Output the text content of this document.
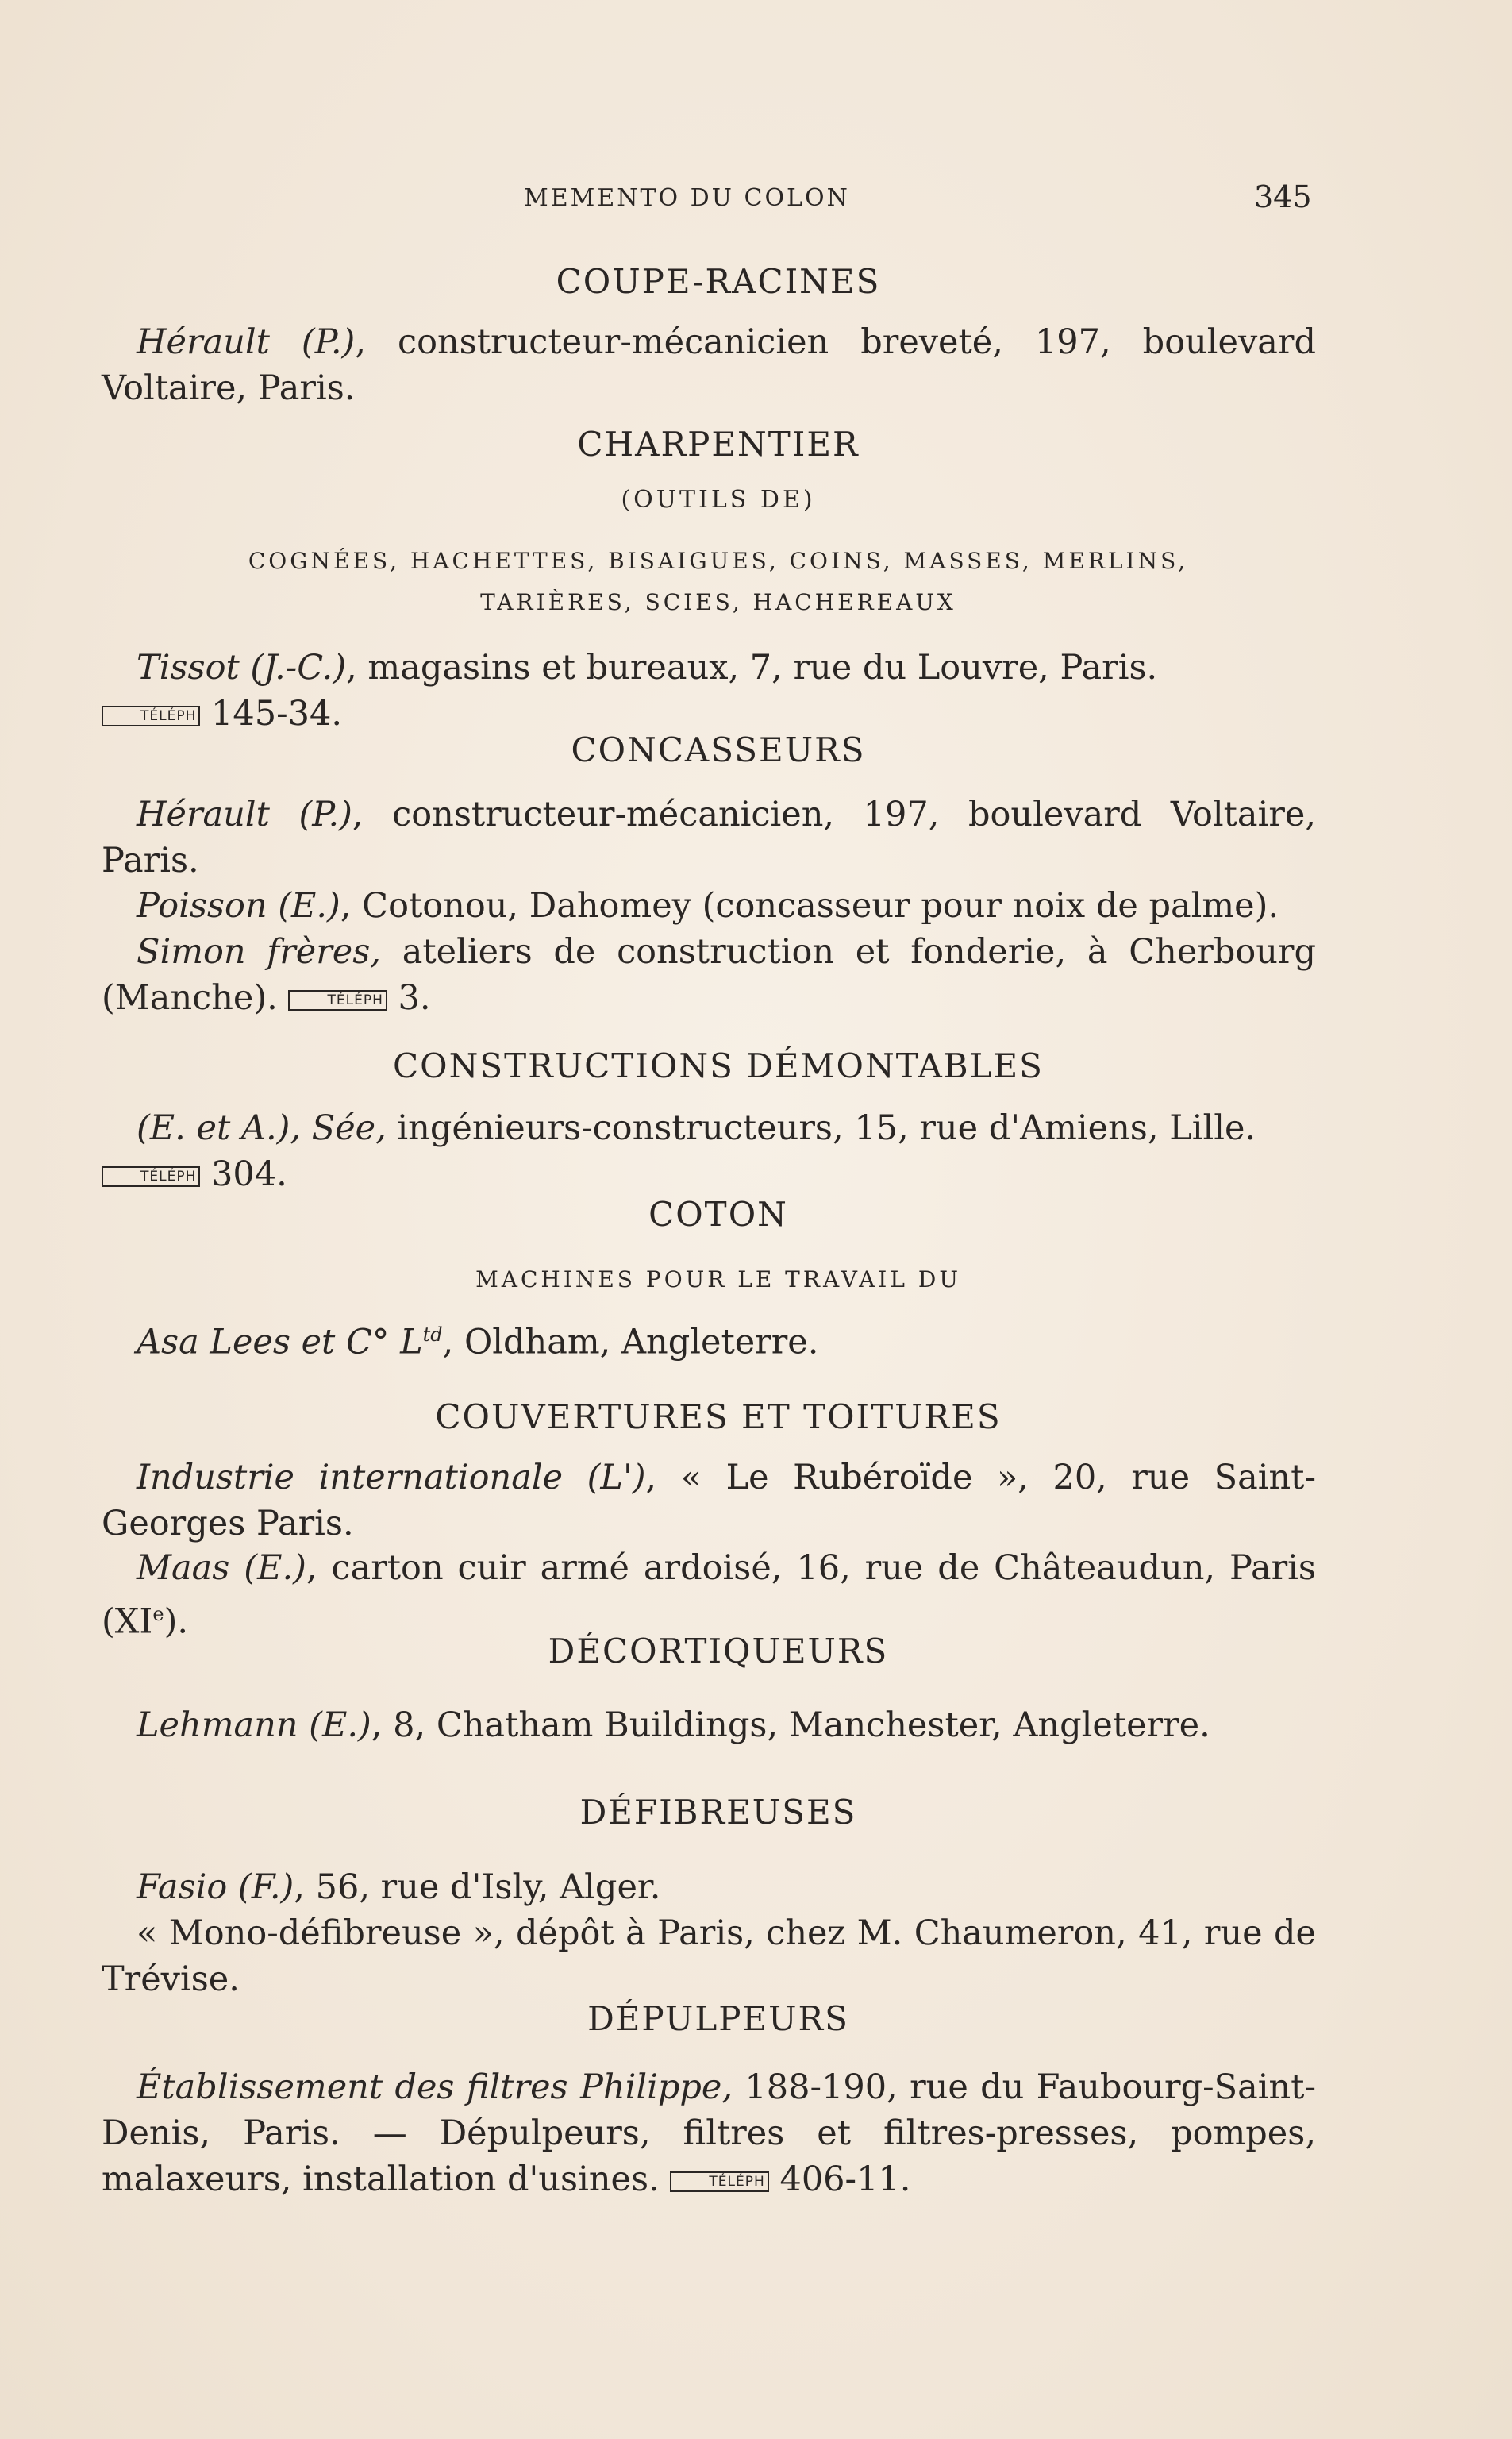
MEMENTO DU COLON	345
COUPE-RACINES
Hérault (P.), constructeur-mécanicien breveté, 197, boulevard Voltaire, Paris.
CHARPENTIER
(OUTILS DE)
COGNÉES, HACHETTES, BISAIGUES, COINS, MASSES, MERLINS,
TARIÈRES, SCIES, HACHEREAUX
Tissot (J.-C.), magasins et bureaux, 7, rue du Louvre, Paris.
TÉLÉPH 145-34.
CONCASSEURS
Hérault (P.), constructeur-mécanicien, 197, boulevard Voltaire, Paris.
Poisson (E.), Cotonou, Dahomey (concasseur pour noix de palme).
Simon frères, ateliers de construction et fonderie, à Cherbourg (Manche).	TÉLÉPH 3.
CONSTRUCTIONS DÉMONTABLES
(E. et A.), Sée, ingénieurs-constructeurs, 15, rue d'Amiens, Lille.
TÉLÉPH 304.
COTON
MACHINES POUR LE TRAVAIL DU
Asa Lees et C° $L^{td}$, Oldham, Angleterre.
COUVERTURES ET TOITURES
Industrie internationale (L'), « Le Rubéroïde », 20, rue Saint-Georges Paris.
Maas (E.), carton cuir armé ardoisé, 16, rue de Châteaudun, Paris (XIe).
DÉCORTIQUEURS
Lehmann (E.), 8, Chatham Buildings, Manchester, Angleterre.
DÉFIBREUSES
Fasio (F.), 56, rue d'Isly, Alger.
« Mono-défibreuse », dépôt à Paris, chez M. Chaumeron, 41, rue de Trévise.
DÉPULPEURS
Établissement des filtres Philippe, 188-190, rue du Faubourg-Saint-Denis, Paris. — Dépulpeurs, filtres et filtres-presses, pompes, malaxeurs, installation d'usines.	TÉLÉPH 406-11.
